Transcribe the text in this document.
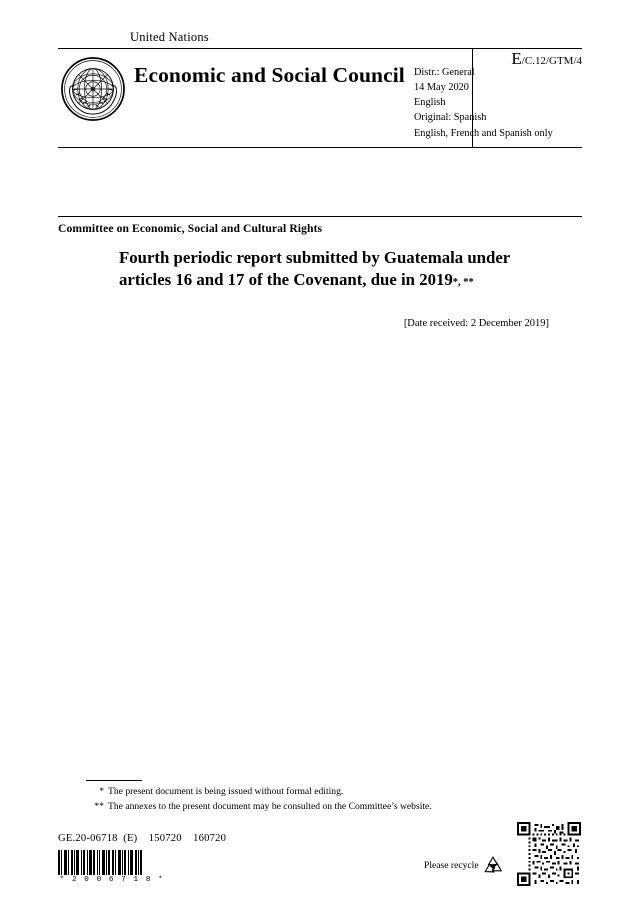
United Nations
Economic and Social Council Distr.: General
14 May 2020
English
Original: Spanish
English, French and Spanish only
E/C.12/GTM/4
Committee on Economic, Social and Cultural Rights
Fourth periodic report submitted by Guatemala under articles 16 and 17 of the Covenant, due in 2019*, **
[Date received: 2 December 2019]
* The present document is being issued without formal editing.
** The annexes to the present document may be consulted on the Committee’s website.
GE.20-06718  (E)    150720    160720
* 2 0 0 6 7 1 8 *
Please recycle
